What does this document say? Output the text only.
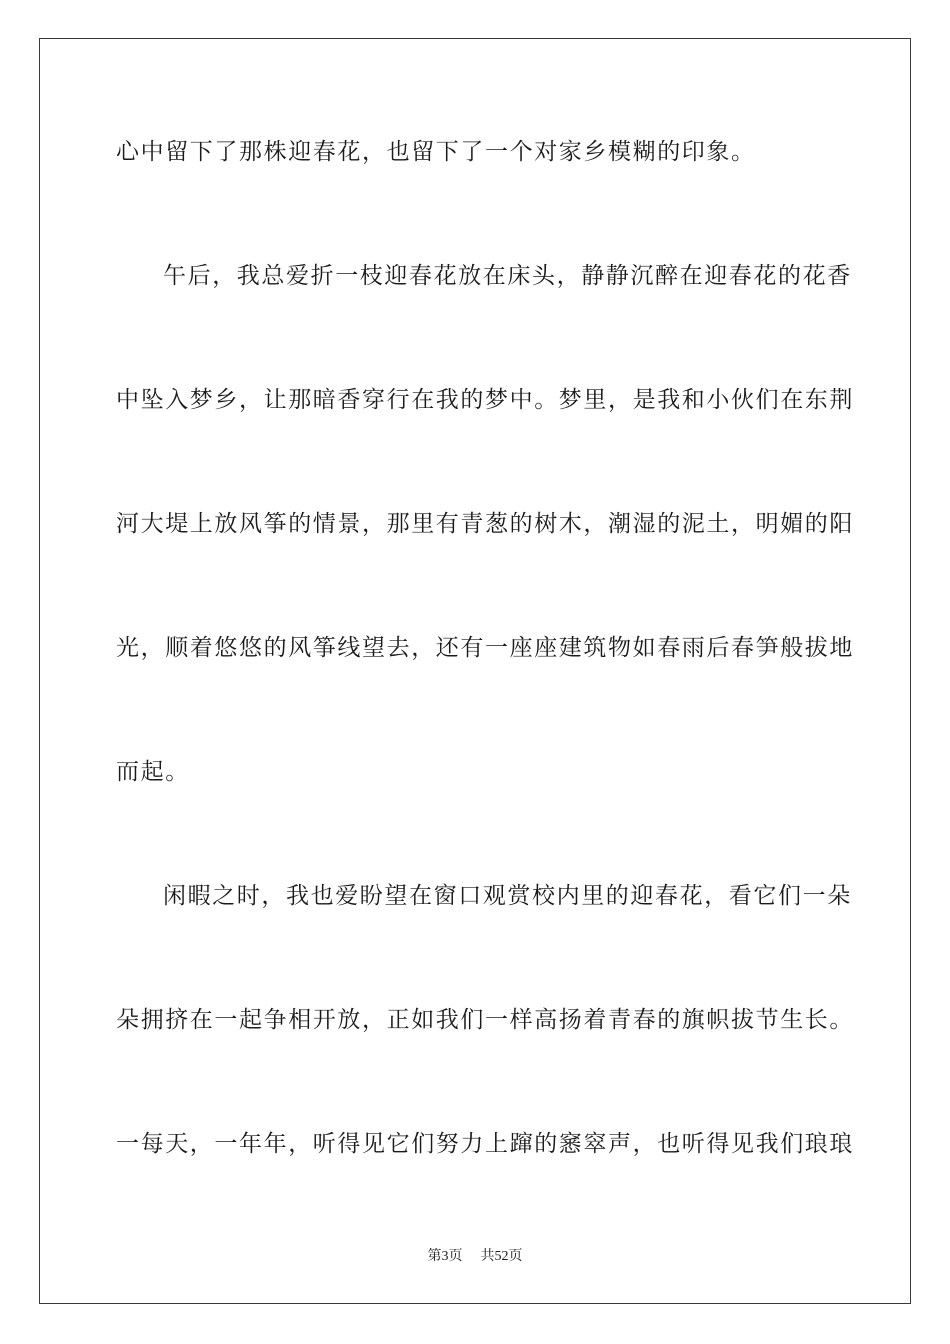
心中留下了那株迎春花，也留下了一个对家乡模糊的印象。
午后，我总爱折一枝迎春花放在床头，静静沉醉在迎春花的花香
中坠入梦乡，让那暗香穿行在我的梦中。梦里，是我和小伙们在东荆
河大堤上放风筝的情景，那里有青葱的树木，潮湿的泥土，明媚的阳
光，顺着悠悠的风筝线望去，还有一座座建筑物如春雨后春笋般拔地
而起。
闲暇之时，我也爱盼望在窗口观赏校内里的迎春花，看它们一朵
朵拥挤在一起争相开放，正如我们一样高扬着青春的旗帜拔节生长。
一每天，一年年，听得见它们努力上蹿的窸窣声，也听得见我们琅琅
第3页 共52页
